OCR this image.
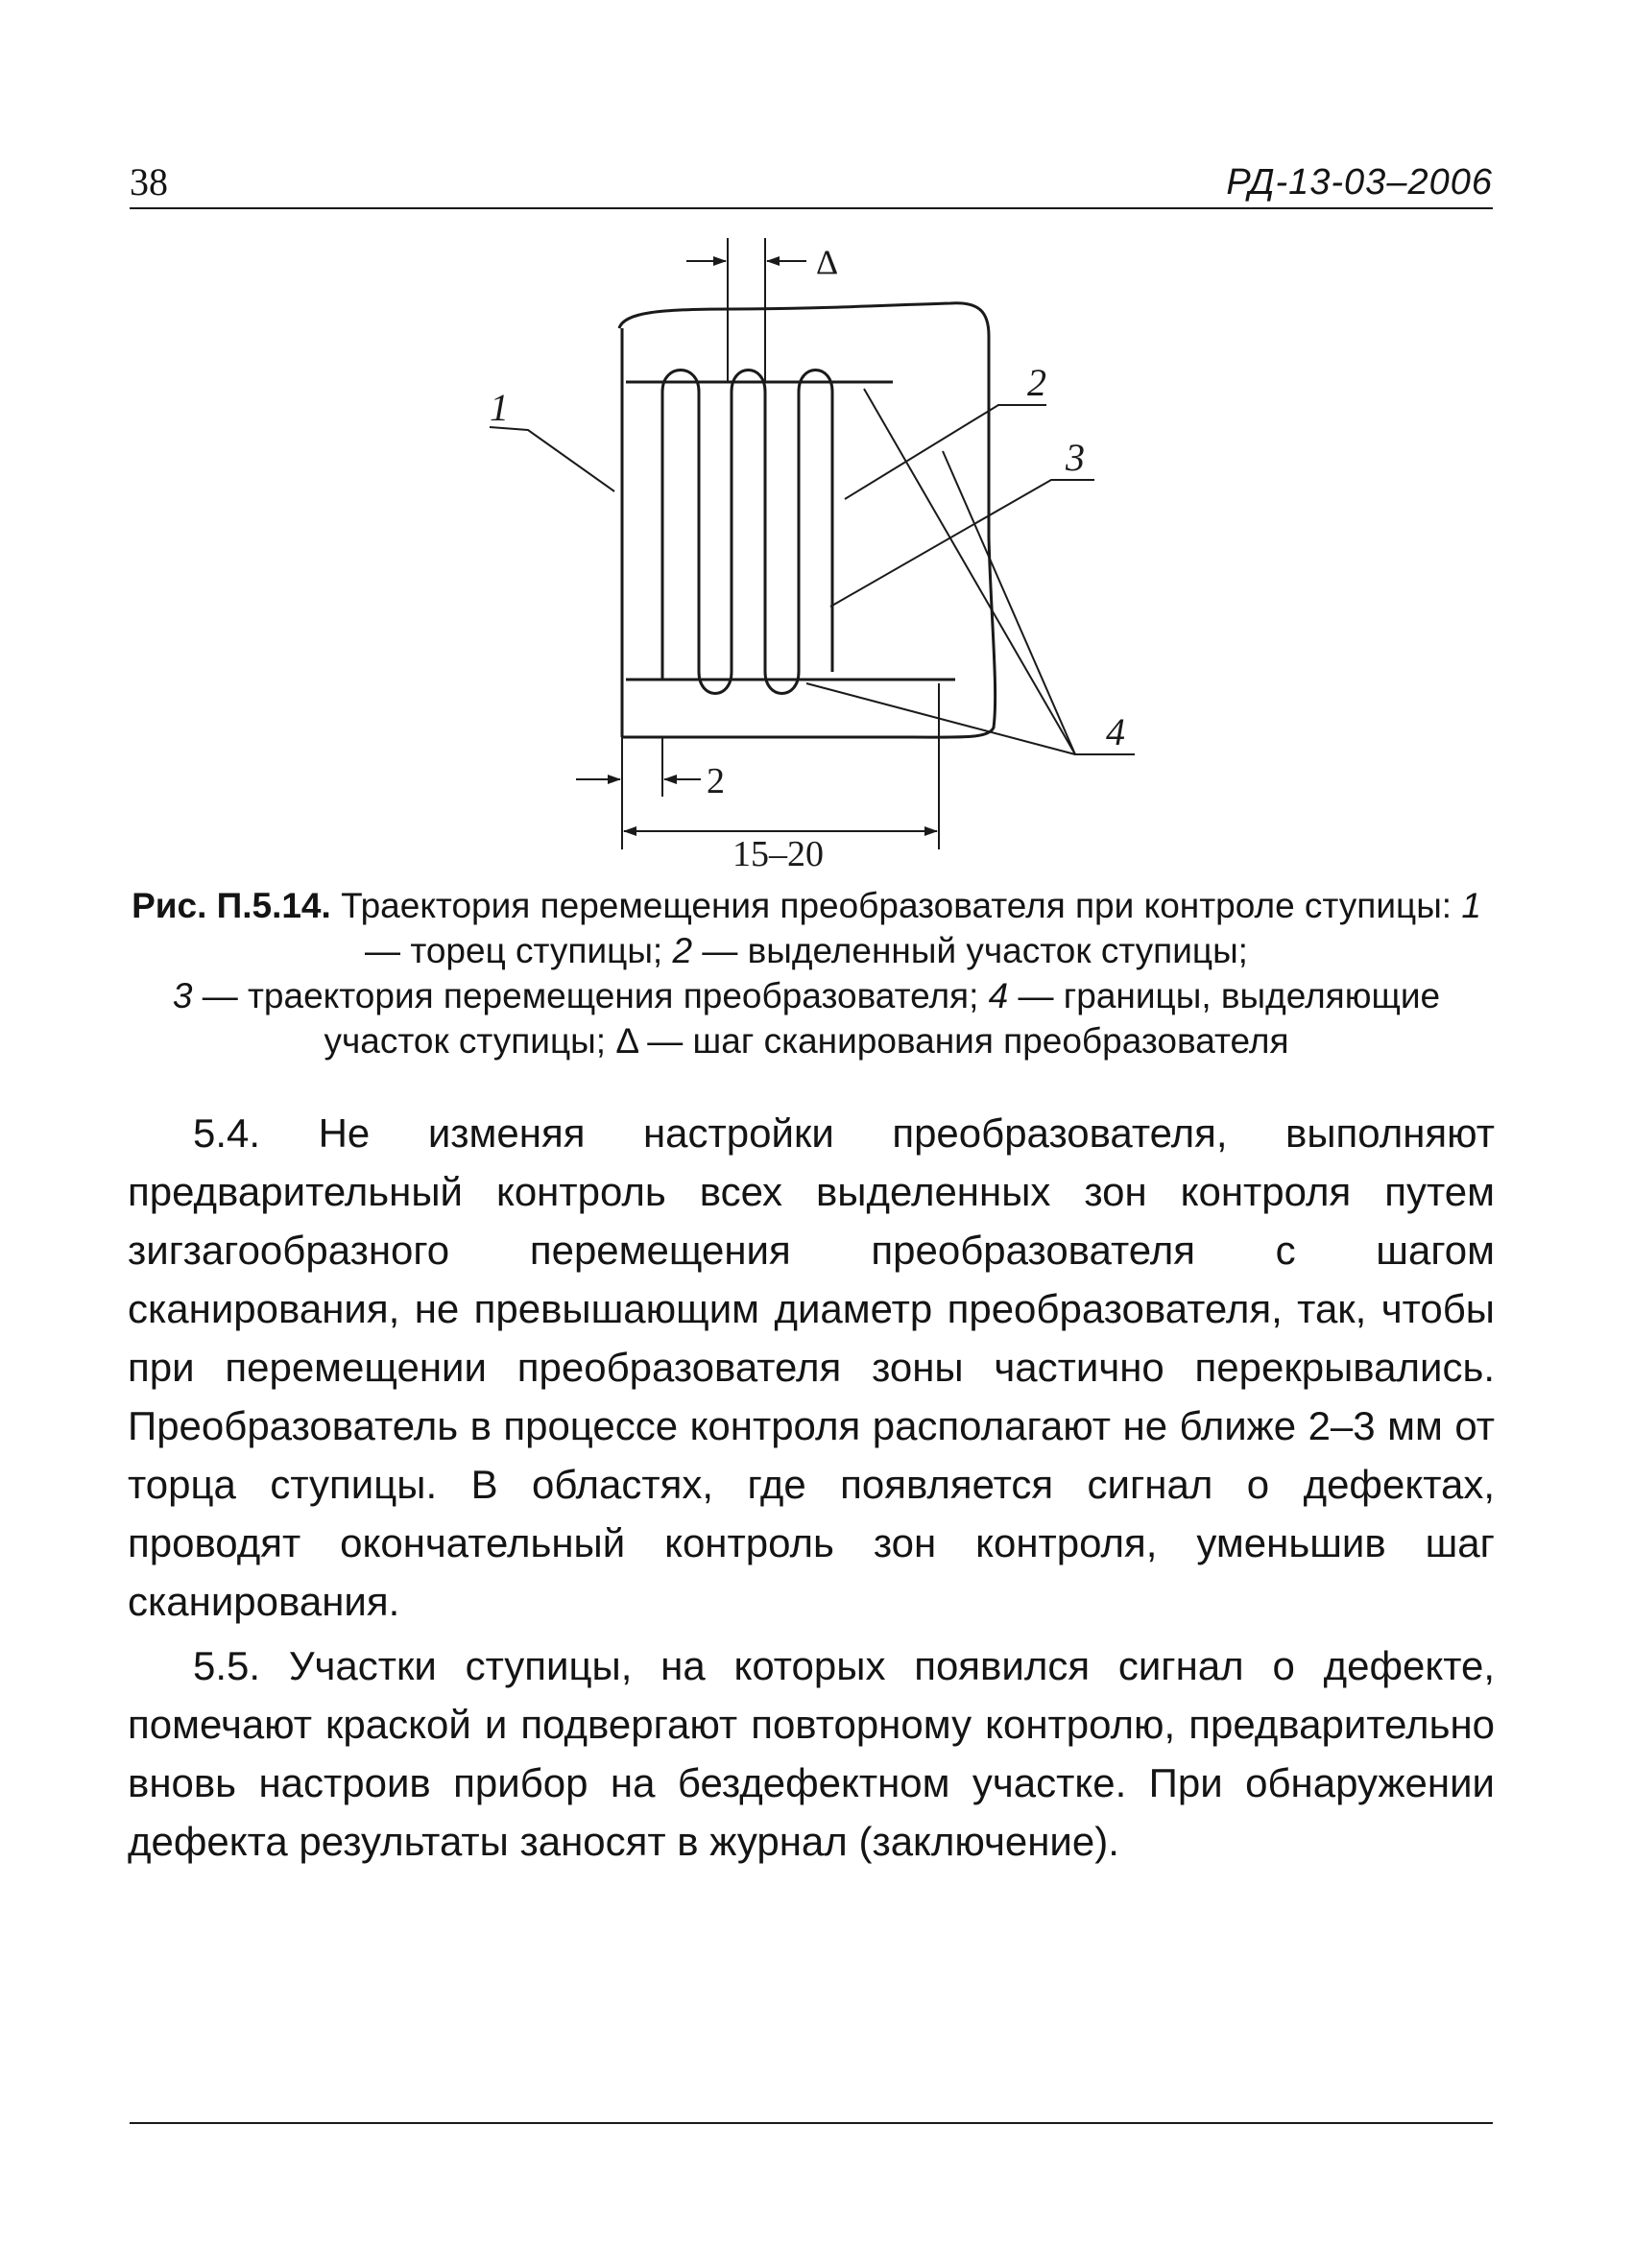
38	РД-13-03–2006
Δ
1
2
3
4
2
15–20
Рис. П.5.14. Траектория перемещения преобразователя при контроле ступицы: 1 — торец ступицы; 2 — выделенный участок ступицы;
3 — траектория перемещения преобразователя; 4 — границы, выделяющие участок ступицы; Δ — шаг сканирования преобразователя

5.4. Не изменяя настройки преобразователя, выполняют предварительный контроль всех выделенных зон контроля путем зигзагообразного перемещения преобразователя с шагом сканирования, не превышающим диаметр преобразователя, так, чтобы при перемещении преобразователя зоны частично перекрывались. Преобразователь в процессе контроля располагают не ближе 2–3 мм от торца ступицы. В областях, где появляется сигнал о дефектах, проводят окончательный контроль зон контроля, уменьшив шаг сканирования.

5.5. Участки ступицы, на которых появился сигнал о дефекте, помечают краской и подвергают повторному контролю, предварительно вновь настроив прибор на бездефектном участке. При обнаружении дефекта результаты заносят в журнал (заключение).
